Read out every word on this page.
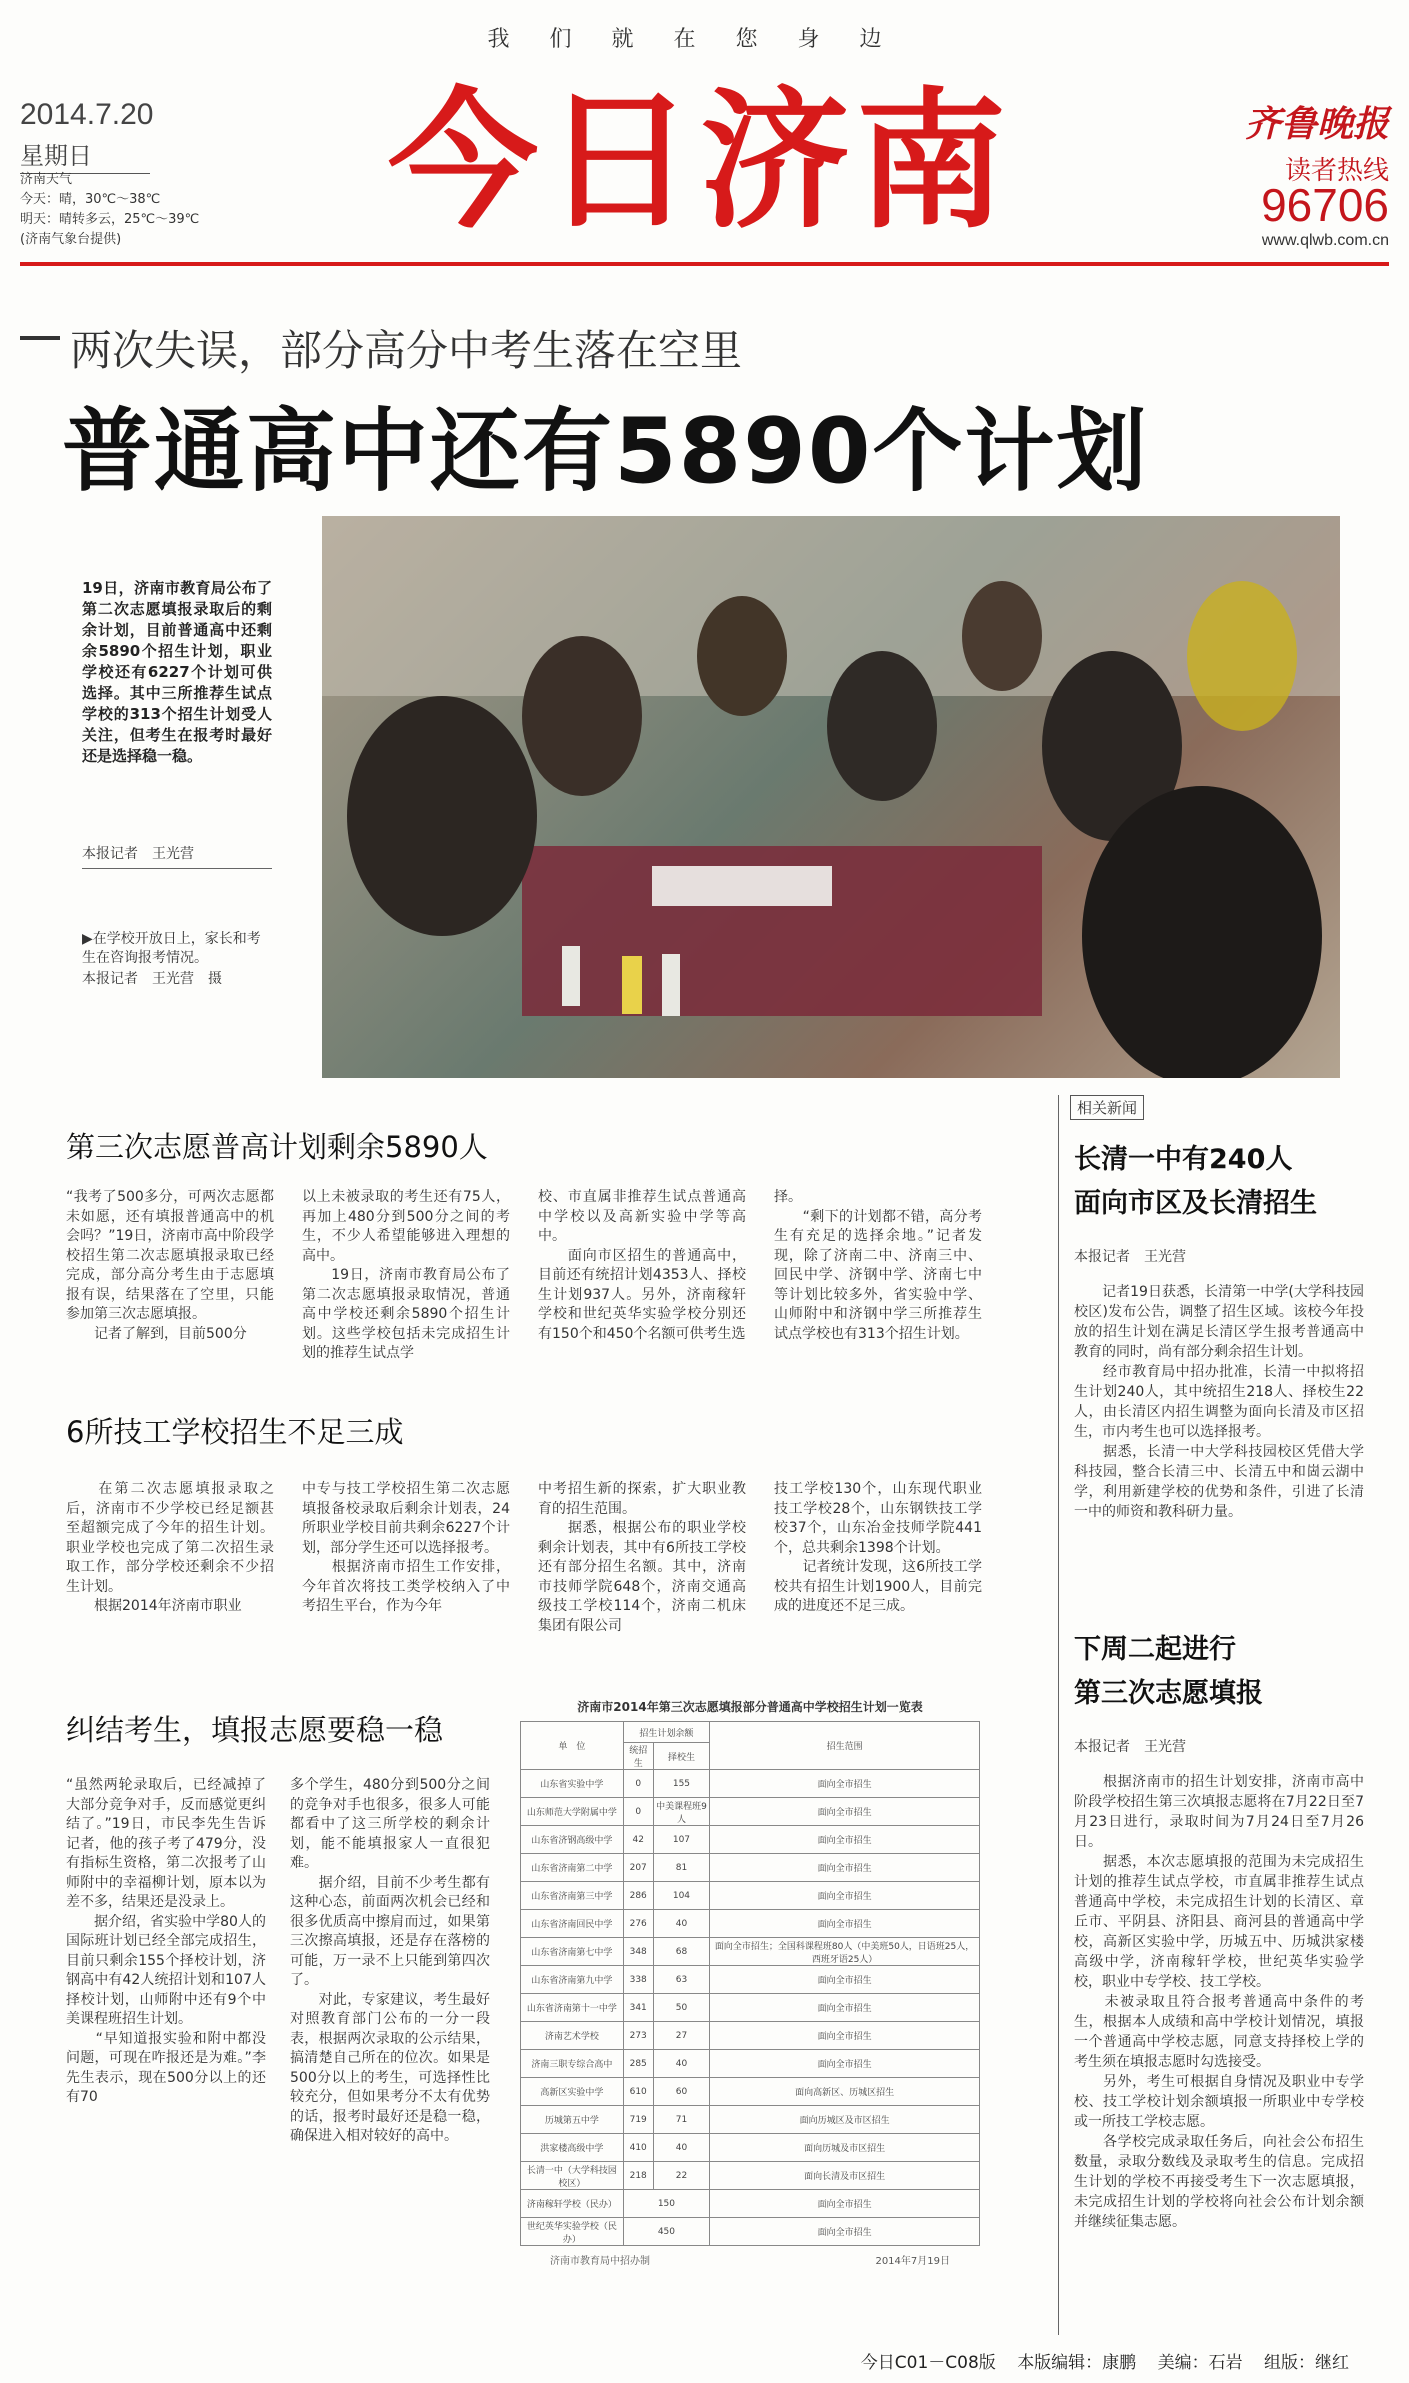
我们就在您身边
2014.7.20
星期日
济南天气
今天：晴，30℃～38℃
明天：晴转多云，25℃～39℃
(济南气象台提供)	今日济南	齐鲁晚报
读者热线
96706
www.qlwb.com.cn
两次失误，部分高分中考生落在空里
普通高中还有5890个计划
19日，济南市教育局公布了第二次志愿填报录取后的剩余计划，目前普通高中还剩余5890个招生计划，职业学校还有6227个计划可供选择。其中三所推荐生试点学校的313个招生计划受人关注，但考生在报考时最好还是选择稳一稳。
本报记者　王光营
▶在学校开放日上，家长和考生在咨询报考情况。
本报记者　王光营　摄
第三次志愿普高计划剩余5890人
“我考了500多分，可两次志愿都未如愿，还有填报普通高中的机会吗？”19日，济南市高中阶段学校招生第二次志愿填报录取已经完成，部分高分考生由于志愿填报有误，结果落在了空里，只能参加第三次志愿填报。
　　记者了解到，目前500分
以上未被录取的考生还有75人，再加上480分到500分之间的考生，不少人希望能够进入理想的高中。
　　19日，济南市教育局公布了第二次志愿填报录取情况，普通高中学校还剩余5890个招生计划。这些学校包括未完成招生计划的推荐生试点学
校、市直属非推荐生试点普通高中学校以及高新实验中学等高中。
　　面向市区招生的普通高中，目前还有统招计划4353人、择校生计划937人。另外，济南稼轩学校和世纪英华实验学校分别还有150个和450个名额可供考生选
择。
　　“剩下的计划都不错，高分考生有充足的选择余地。”记者发现，除了济南二中、济南三中、回民中学、济钢中学、济南七中等计划比较多外，省实验中学、山师附中和济钢中学三所推荐生试点学校也有313个招生计划。
6所技工学校招生不足三成
　　在第二次志愿填报录取之后，济南市不少学校已经足额甚至超额完成了今年的招生计划。职业学校也完成了第二次招生录取工作，部分学校还剩余不少招生计划。
　　根据2014年济南市职业
中专与技工学校招生第二次志愿填报备校录取后剩余计划表，24所职业学校目前共剩余6227个计划，部分学生还可以选择报考。
　　根据济南市招生工作安排，今年首次将技工类学校纳入了中考招生平台，作为今年
中考招生新的探索，扩大职业教育的招生范围。
　　据悉，根据公布的职业学校剩余计划表，其中有6所技工学校还有部分招生名额。其中，济南市技师学院648个，济南交通高级技工学校114个，济南二机床集团有限公司
技工学校130个，山东现代职业技工学校28个，山东钢铁技工学校37个，山东冶金技师学院441个，总共剩余1398个计划。
　　记者统计发现，这6所技工学校共有招生计划1900人，目前完成的进度还不足三成。
纠结考生，填报志愿要稳一稳
“虽然两轮录取后，已经减掉了大部分竞争对手，反而感觉更纠结了。”19日，市民李先生告诉记者，他的孩子考了479分，没有指标生资格，第二次报考了山师附中的幸福柳计划，原本以为差不多，结果还是没录上。
　　据介绍，省实验中学80人的国际班计划已经全部完成招生，目前只剩余155个择校计划，济钢高中有42人统招计划和107人择校计划，山师附中还有9个中美课程班招生计划。
　　“早知道报实验和附中都没问题，可现在咋报还是为难。”李先生表示，现在500分以上的还有70
多个学生，480分到500分之间的竞争对手也很多，很多人可能都看中了这三所学校的剩余计划，能不能填报家人一直很犯难。
　　据介绍，目前不少考生都有这种心态，前面两次机会已经和很多优质高中擦肩而过，如果第三次擦高填报，还是存在落榜的可能，万一录不上只能到第四次了。
　　对此，专家建议，考生最好对照教育部门公布的一分一段表，根据两次录取的公示结果，搞清楚自己所在的位次。如果是500分以上的考生，可选择性比较充分，但如果考分不太有优势的话，报考时最好还是稳一稳，确保进入相对较好的高中。
济南市2014年第三次志愿填报部分普通高中学校招生计划一览表
单　位	招生计划余额		招生范围
	统招生	择校生	
山东省实验中学	0	155	面向全市招生
山东师范大学附属中学	0	中美课程班9人	面向全市招生
山东省济钢高级中学	42	107	面向全市招生
山东省济南第二中学	207	81	面向全市招生
山东省济南第三中学	286	104	面向全市招生
山东省济南回民中学	276	40	面向全市招生
山东省济南第七中学	348	68	面向全市招生；全国科课程班80人（中美班50人，日语班25人，西班牙语25人）
山东省济南第九中学	338	63	面向全市招生
山东省济南第十一中学	341	50	面向全市招生
济南艺术学校	273	27	面向全市招生
济南三职专综合高中	285	40	面向全市招生
高新区实验中学	610	60	面向高新区、历城区招生
历城第五中学	719	71	面向历城区及市区招生
洪家楼高级中学	410	40	面向历城及市区招生
长清一中（大学科技园校区）	218	22	面向长清及市区招生
济南稼轩学校（民办）	150		面向全市招生
世纪英华实验学校（民办）	450		面向全市招生
济南市教育局中招办制	2014年7月19日
相关新闻
长清一中有240人
面向市区及长清招生
本报记者　王光营
　　记者19日获悉，长清第一中学(大学科技园校区)发布公告，调整了招生区域。该校今年投放的招生计划在满足长清区学生报考普通高中教育的同时，尚有部分剩余招生计划。
　　经市教育局中招办批准，长清一中拟将招生计划240人，其中统招生218人、择校生22人，由长清区内招生调整为面向长清及市区招生，市内考生也可以选择报考。
　　据悉，长清一中大学科技园校区凭借大学科技园，整合长清三中、长清五中和崮云湖中学，利用新建学校的优势和条件，引进了长清一中的师资和教科研力量。
下周二起进行
第三次志愿填报
本报记者　王光营
　　根据济南市的招生计划安排，济南市高中阶段学校招生第三次填报志愿将在7月22日至7月23日进行，录取时间为7月24日至7月26日。
　　据悉，本次志愿填报的范围为未完成招生计划的推荐生试点学校，市直属非推荐生试点普通高中学校，未完成招生计划的长清区、章丘市、平阴县、济阳县、商河县的普通高中学校，高新区实验中学，历城五中、历城洪家楼高级中学，济南稼轩学校，世纪英华实验学校，职业中专学校、技工学校。
　　未被录取且符合报考普通高中条件的考生，根据本人成绩和高中学校计划情况，填报一个普通高中学校志愿，同意支持择校上学的考生须在填报志愿时勾选接受。
　　另外，考生可根据自身情况及职业中专学校、技工学校计划余额填报一所职业中专学校或一所技工学校志愿。
　　各学校完成录取任务后，向社会公布招生数量，录取分数线及录取考生的信息。完成招生计划的学校不再接受考生下一次志愿填报，未完成招生计划的学校将向社会公布计划余额并继续征集志愿。
今日C01－C08版 本版编辑：康鹏 美编：石岩 组版：继红
